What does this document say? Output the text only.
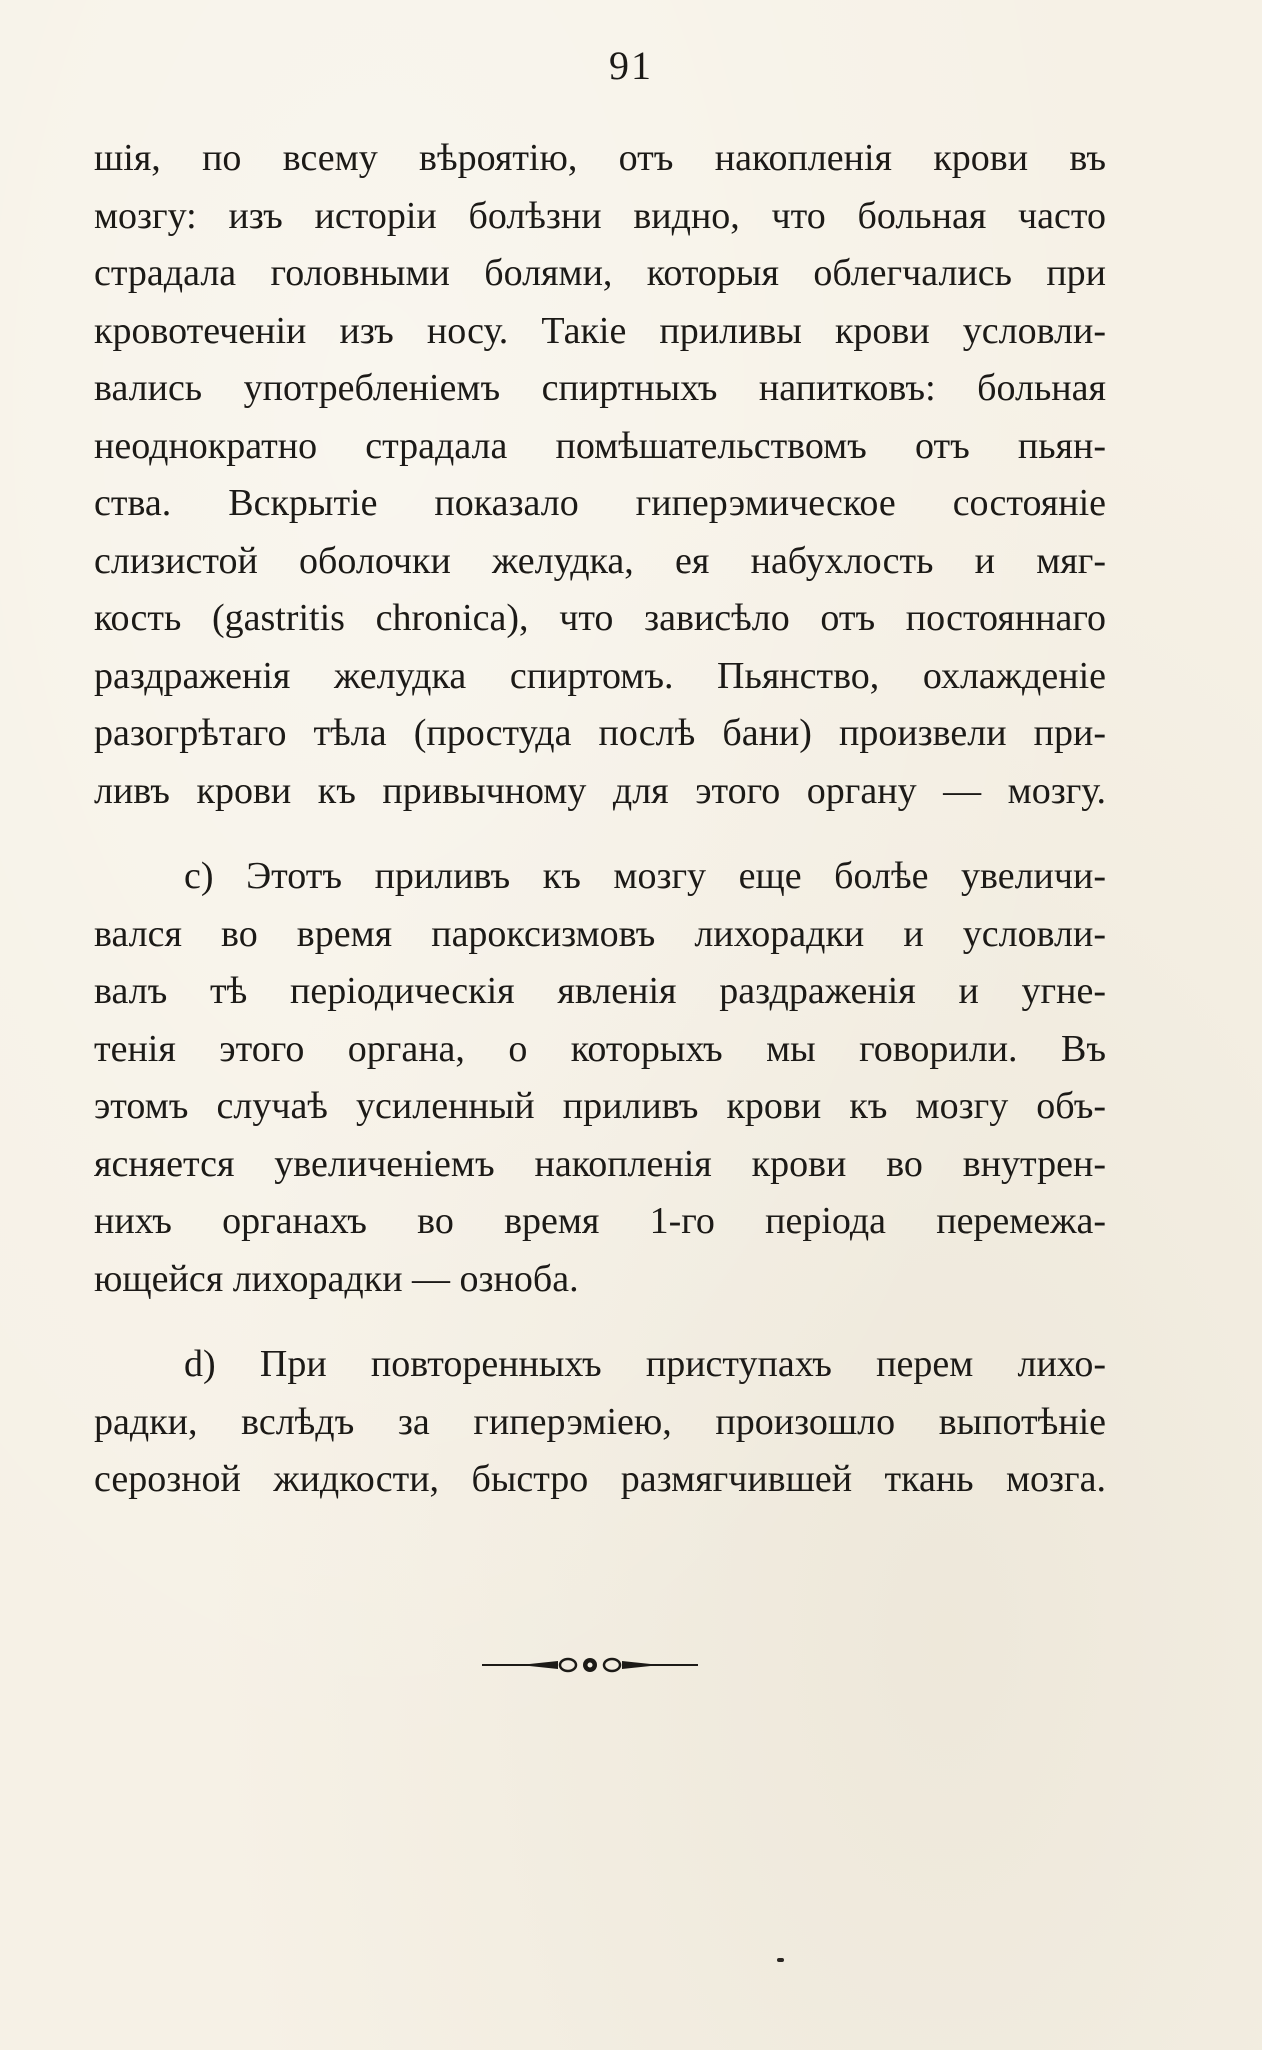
91
шія, по всему вѣроятію, отъ накопленія крови въ
мозгу: изъ исторіи болѣзни видно, что больная часто
страдала головными болями, которыя облегчались при
кровотеченіи изъ носу. Такіе приливы крови условли-
вались употребленіемъ спиртныхъ напитковъ: больная
неоднократно страдала помѣшательствомъ отъ пьян-
ства. Вскрытіе показало гиперэмическое состояніе
слизистой оболочки желудка, ея набухлость и мяг-
кость (gastritis chronica), что зависѣло отъ постояннаго
раздраженія желудка спиртомъ. Пьянство, охлажденіе
разогрѣтаго тѣла (простуда послѣ бани) произвели при-
ливъ крови къ привычному для этого органу — мозгу.
c) Этотъ приливъ къ мозгу еще болѣе увеличи-
вался во время пароксизмовъ лихорадки и условли-
валъ тѣ періодическія явленія раздраженія и угне-
тенія этого органа, о которыхъ мы говорили. Въ
этомъ случаѣ усиленный приливъ крови къ мозгу объ-
ясняется увеличеніемъ накопленія крови во внутрен-
нихъ органахъ во время 1-го періода перемежа-
ющейся лихорадки — озноба.
d) При повторенныхъ приступахъ перем лихо-
радки, вслѣдъ за гиперэміею, произошло выпотѣніе
серозной жидкости, быстро размягчившей ткань мозга.
